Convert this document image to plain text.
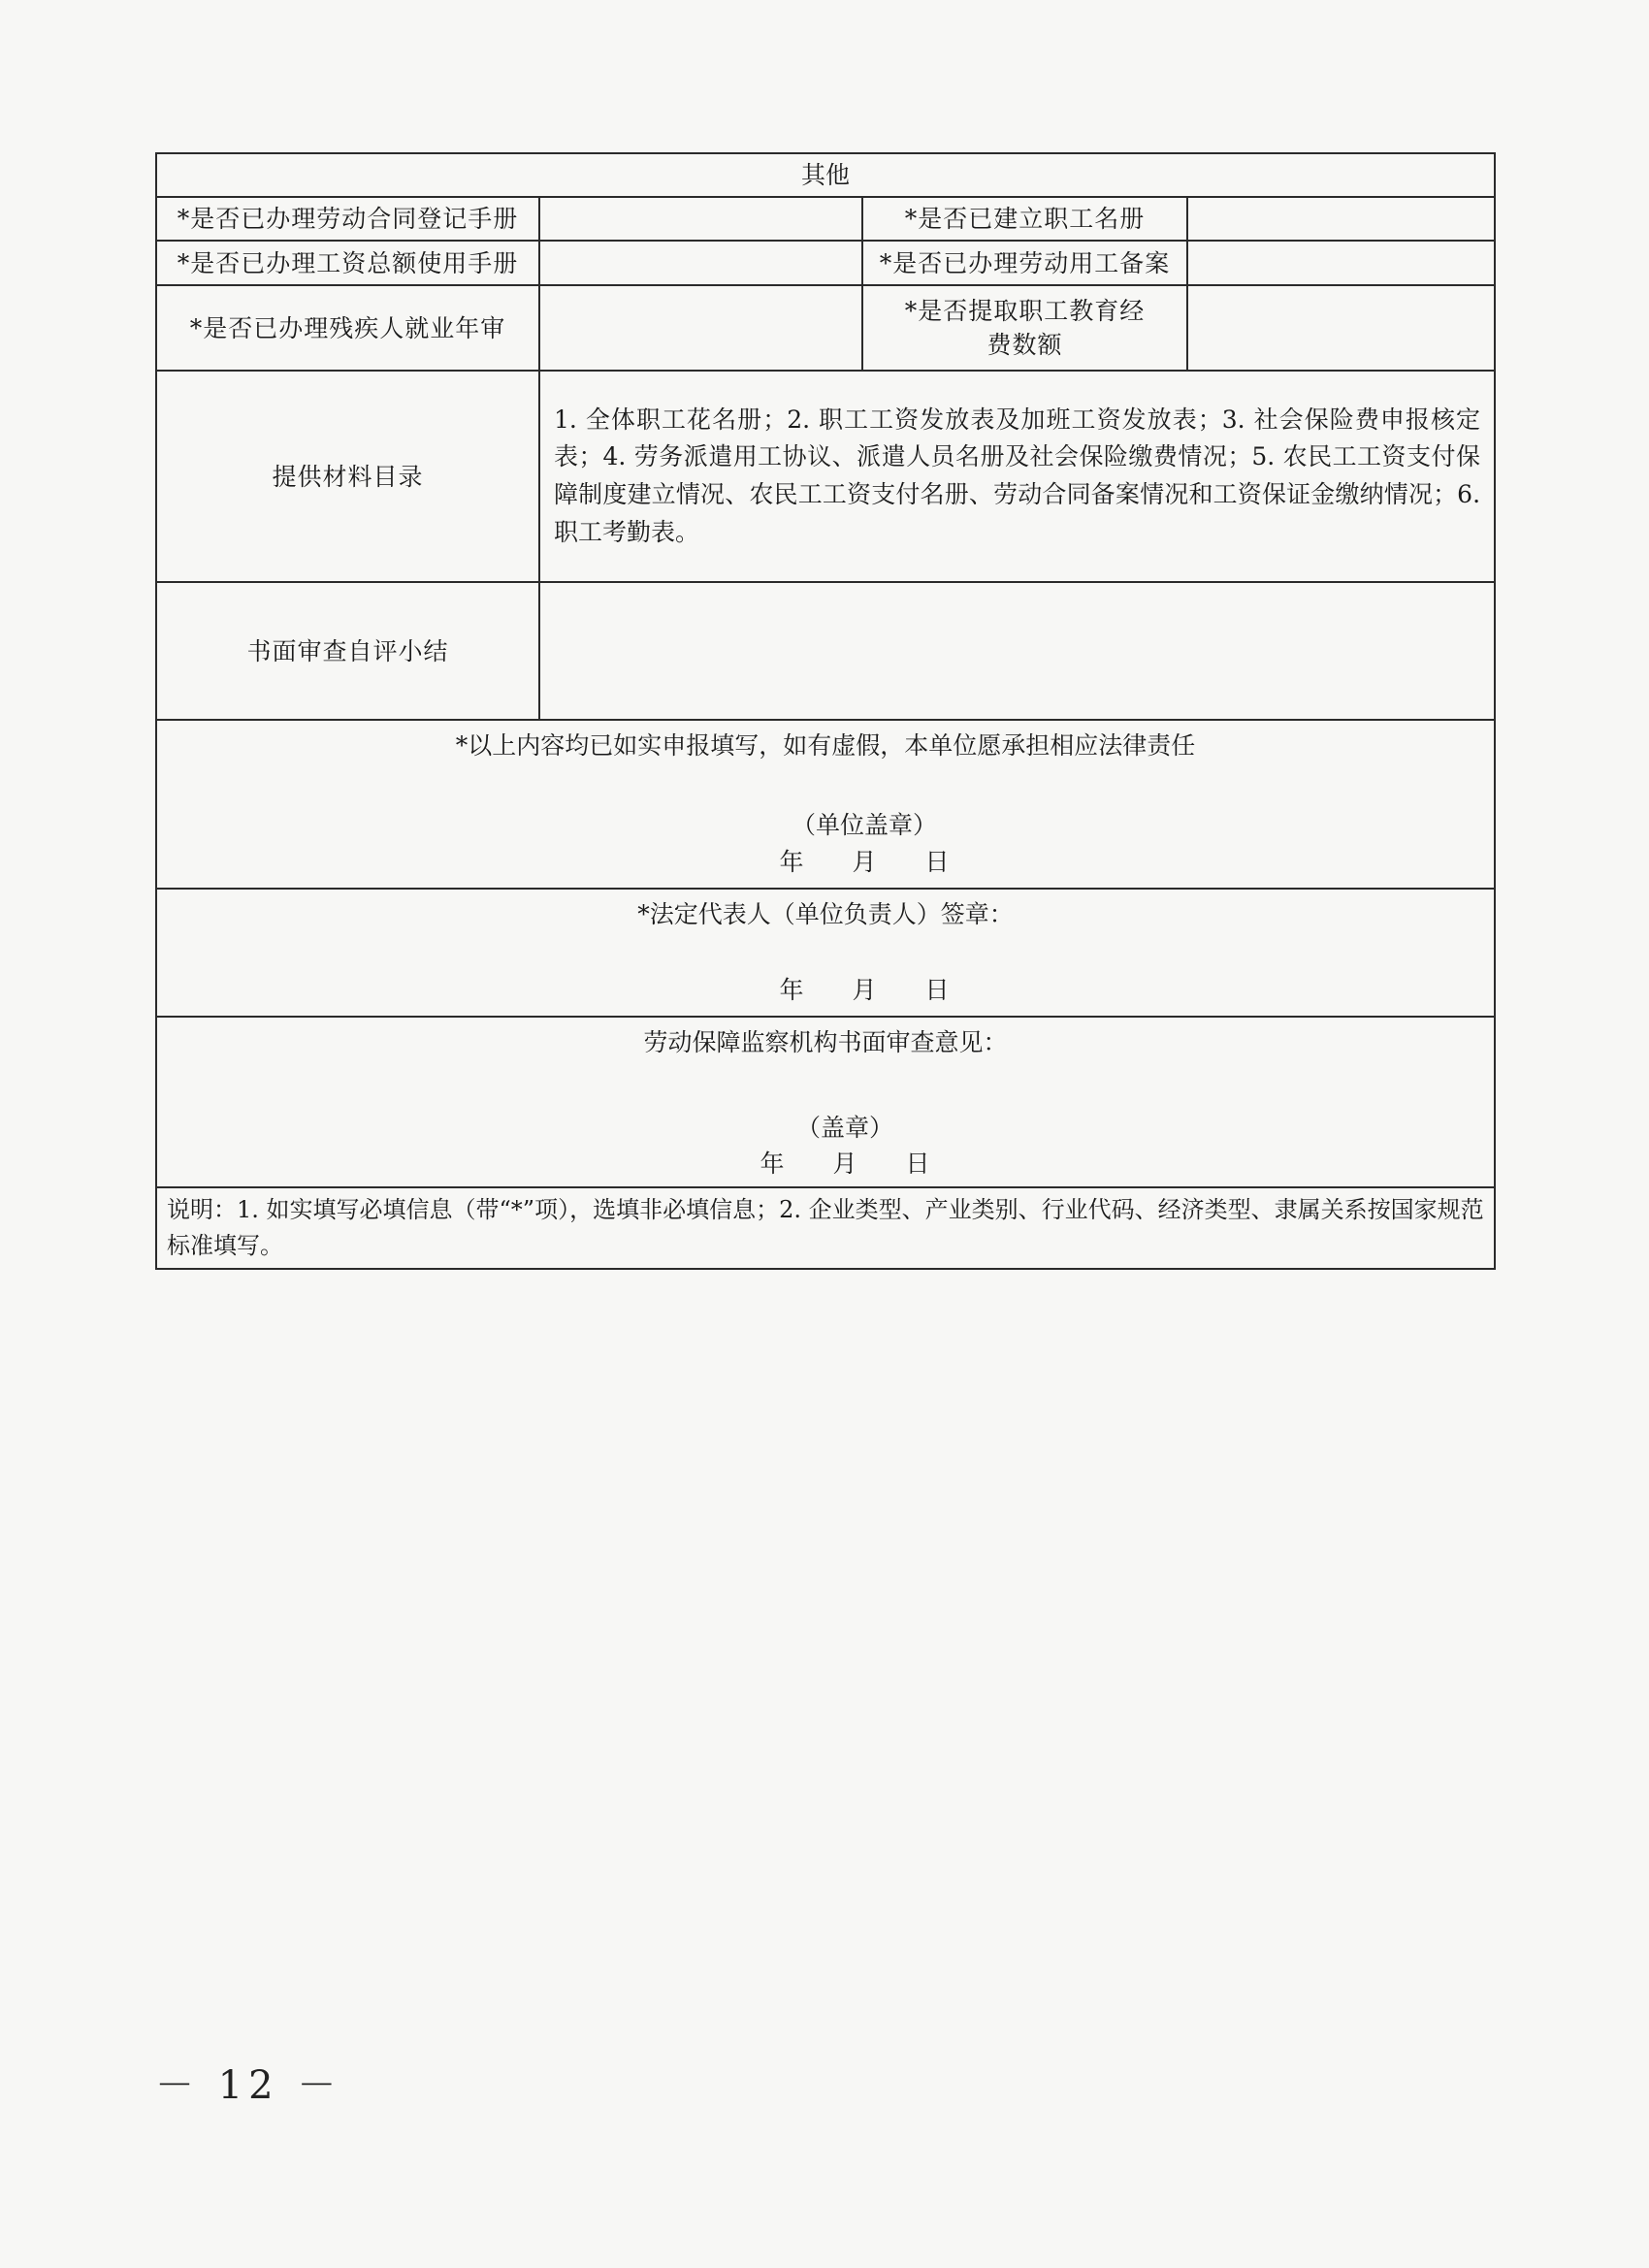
其他			
*是否已办理劳动合同登记手册		*是否已建立职工名册	
*是否已办理工资总额使用手册		*是否已办理劳动用工备案	
*是否已办理残疾人就业年审		*是否提取职工教育经费数额	
提供材料目录	1. 全体职工花名册；2. 职工工资发放表及加班工资发放表；3. 社会保险费申报核定表；4. 劳务派遣用工协议、派遣人员名册及社会保险缴费情况；5. 农民工工资支付保障制度建立情况、农民工工资支付名册、劳动合同备案情况和工资保证金缴纳情况；6. 职工考勤表。		
书面审查自评小结			

*以上内容均已如实申报填写，如有虚假，本单位愿承担相应法律责任
（单位盖章）
年　　月　　日			

*法定代表人（单位负责人）签章：
年　　月　　日			

劳动保障监察机构书面审查意见：
（盖章）
年　　月　　日			

说明：1. 如实填写必填信息（带“*”项），选填非必填信息；2. 企业类型、产业类别、行业代码、经济类型、隶属关系按国家规范标准填写。			
－ 12 －
